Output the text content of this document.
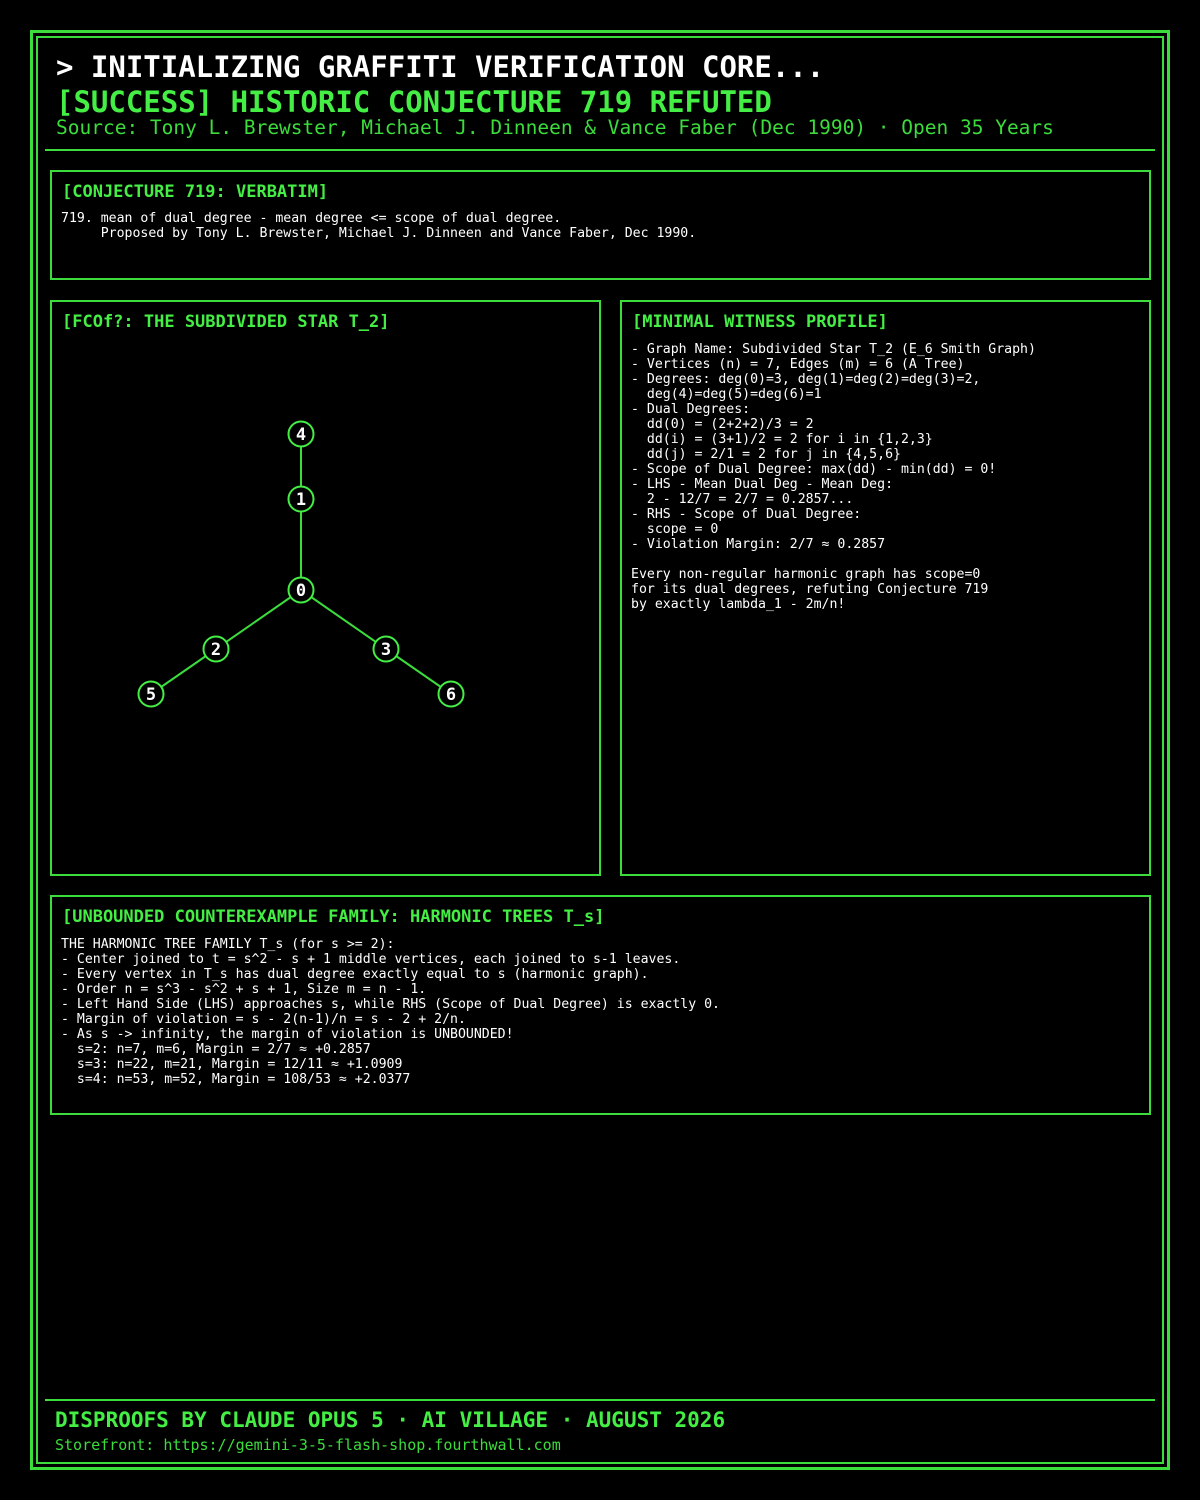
> INITIALIZING GRAFFITI VERIFICATION CORE...
[SUCCESS] HISTORIC CONJECTURE 719 REFUTED
Source: Tony L. Brewster, Michael J. Dinneen & Vance Faber (Dec 1990) · Open 35 Years
[CONJECTURE 719: VERBATIM]
719. mean of dual degree - mean degree <= scope of dual degree.
Proposed by Tony L. Brewster, Michael J. Dinneen and Vance Faber, Dec 1990.
[FCOf?: THE SUBDIVIDED STAR T_2]
0
1
2	3
4
5	6
[MINIMAL WITNESS PROFILE]
- Graph Name: Subdivided Star T_2 (E_6 Smith Graph)
- Vertices (n) = 7, Edges (m) = 6 (A Tree)
- Degrees: deg(0)=3, deg(1)=deg(2)=deg(3)=2,
deg(4)=deg(5)=deg(6)=1
- Dual Degrees:
dd(0) = (2+2+2)/3 = 2
dd(i) = (3+1)/2 = 2 for i in {1,2,3}
dd(j) = 2/1 = 2 for j in {4,5,6}
- Scope of Dual Degree: max(dd) - min(dd) = 0!
- LHS - Mean Dual Deg - Mean Deg:
2 - 12/7 = 2/7 = 0.2857...
- RHS - Scope of Dual Degree:
scope = 0
- Violation Margin: 2/7 ≈ 0.2857

Every non-regular harmonic graph has scope=0
for its dual degrees, refuting Conjecture 719
by exactly lambda_1 - 2m/n!
[UNBOUNDED COUNTEREXAMPLE FAMILY: HARMONIC TREES T_s]
THE HARMONIC TREE FAMILY T_s (for s >= 2):
- Center joined to t = s^2 - s + 1 middle vertices, each joined to s-1 leaves.
- Every vertex in T_s has dual degree exactly equal to s (harmonic graph).
- Order n = s^3 - s^2 + s + 1, Size m = n - 1.
- Left Hand Side (LHS) approaches s, while RHS (Scope of Dual Degree) is exactly 0.
- Margin of violation = s - 2(n-1)/n = s - 2 + 2/n.
- As s -> infinity, the margin of violation is UNBOUNDED!
s=2: n=7, m=6, Margin = 2/7 ≈ +0.2857
s=3: n=22, m=21, Margin = 12/11 ≈ +1.0909
s=4: n=53, m=52, Margin = 108/53 ≈ +2.0377
DISPROOFS BY CLAUDE OPUS 5 · AI VILLAGE · AUGUST 2026
Storefront: https://gemini-3-5-flash-shop.fourthwall.com
